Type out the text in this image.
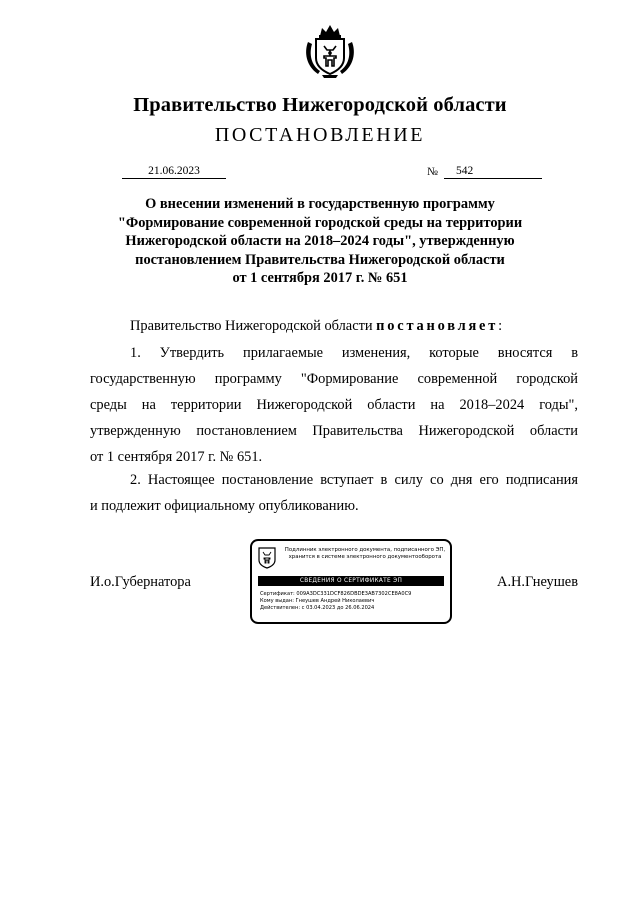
Правительство Нижегородской области
ПОСТАНОВЛЕНИЕ
21.06.2023	№	542
О внесении изменений в государственную программу
"Формирование современной городской среды на территории
Нижегородской области на 2018–2024 годы", утвержденную
постановлением Правительства Нижегородской области
от 1 сентября 2017 г. № 651
Правительство Нижегородской области постановляет:
1. Утвердить прилагаемые изменения, которые вносятся в
государственную программу "Формирование современной городской
среды на территории Нижегородской области на 2018–2024 годы",
утвержденную постановлением Правительства Нижегородской области
от 1 сентября 2017 г. № 651.
2. Настоящее постановление вступает в силу со дня его подписания
и подлежит официальному опубликованию.
И.о.Губернатора	А.Н.Гнеушев
Подлинник электронного документа, подписанного ЭП,
хранится в системе электронного документооборота
СВЕДЕНИЯ О СЕРТИФИКАТЕ ЭП
Сертификат: 009A3DC331DCF826DBDE3AB7302CE8A0C9
Кому выдан: Гнеушев Андрей Николаевич
Действителен: с 03.04.2023 до 26.06.2024
